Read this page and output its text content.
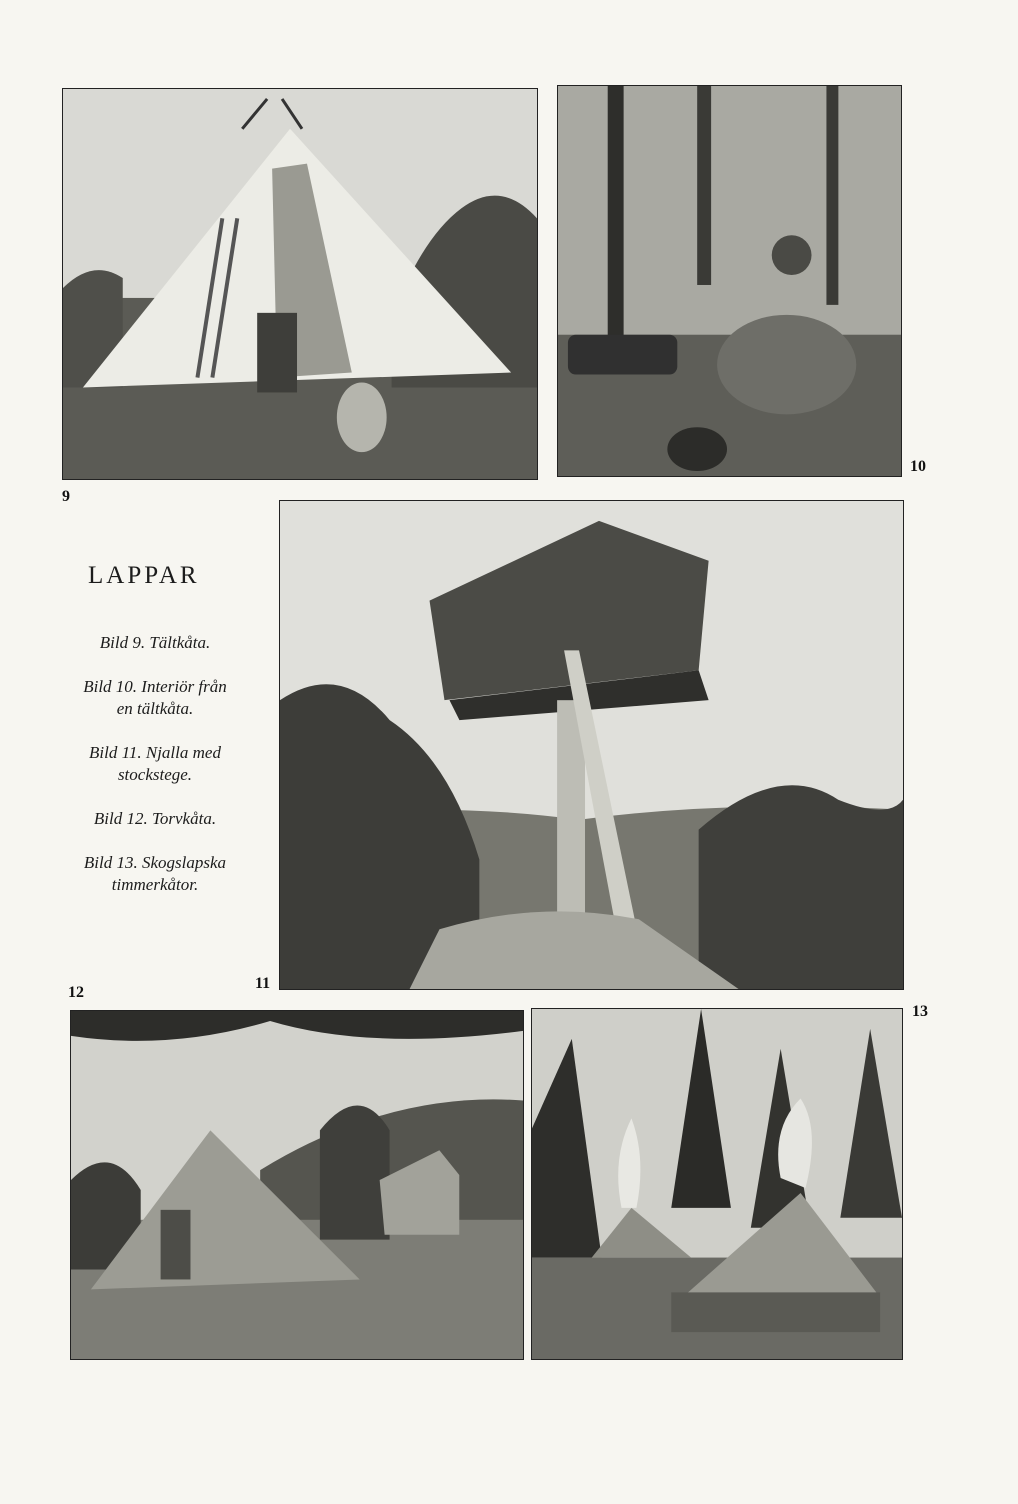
9
10
LAPPAR
Bild 9. Tältkåta.
Bild 10. Interiör från
en tältkåta.
Bild 11. Njalla med
stockstege.
Bild 12. Torvkåta.
Bild 13. Skogslapska
timmerkåtor.
11
12
13
